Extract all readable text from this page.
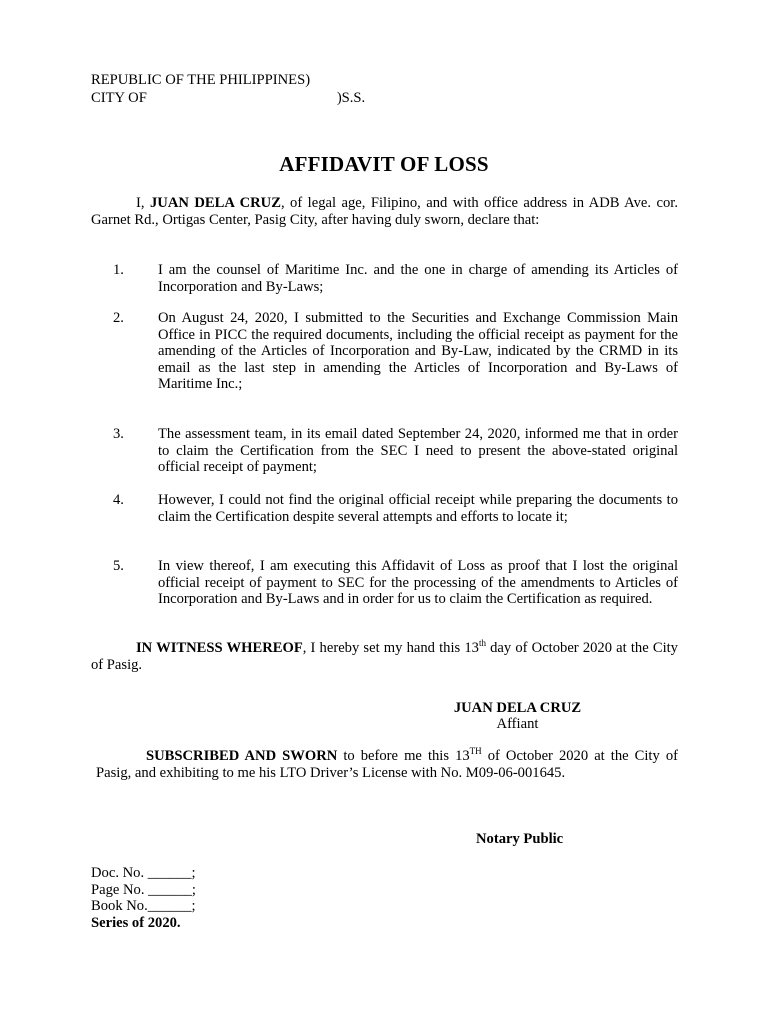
REPUBLIC OF THE PHILIPPINES)
CITY OF	)S.S.
AFFIDAVIT OF LOSS
I, JUAN DELA CRUZ, of legal age, Filipino, and with office address in ADB Ave. cor. Garnet Rd., Ortigas Center, Pasig City, after having duly sworn, declare that:
1. I am the counsel of Maritime Inc. and the one in charge of amending its Articles of Incorporation and By-Laws;
2. On August 24, 2020, I submitted to the Securities and Exchange Commission Main Office in PICC the required documents, including the official receipt as payment for the amending of the Articles of Incorporation and By-Law, indicated by the CRMD in its email as the last step in amending the Articles of Incorporation and By-Laws of Maritime Inc.;
3. The assessment team, in its email dated September 24, 2020, informed me that in order to claim the Certification from the SEC I need to present the above-stated original official receipt of payment;
4. However, I could not find the original official receipt while preparing the documents to claim the Certification despite several attempts and efforts to locate it;
5. In view thereof, I am executing this Affidavit of Loss as proof that I lost the original official receipt of payment to SEC for the processing of the amendments to Articles of Incorporation and By-Laws and in order for us to claim the Certification as required.
IN WITNESS WHEREOF, I hereby set my hand this 13th day of October 2020 at the City of Pasig.
JUAN DELA CRUZ
Affiant
SUBSCRIBED AND SWORN to before me this 13TH of October 2020 at the City of Pasig, and exhibiting to me his LTO Driver’s License with No. M09-06-001645.
Notary Public
Doc. No. ______;
Page No. ______;
Book No.______;
Series of 2020.
